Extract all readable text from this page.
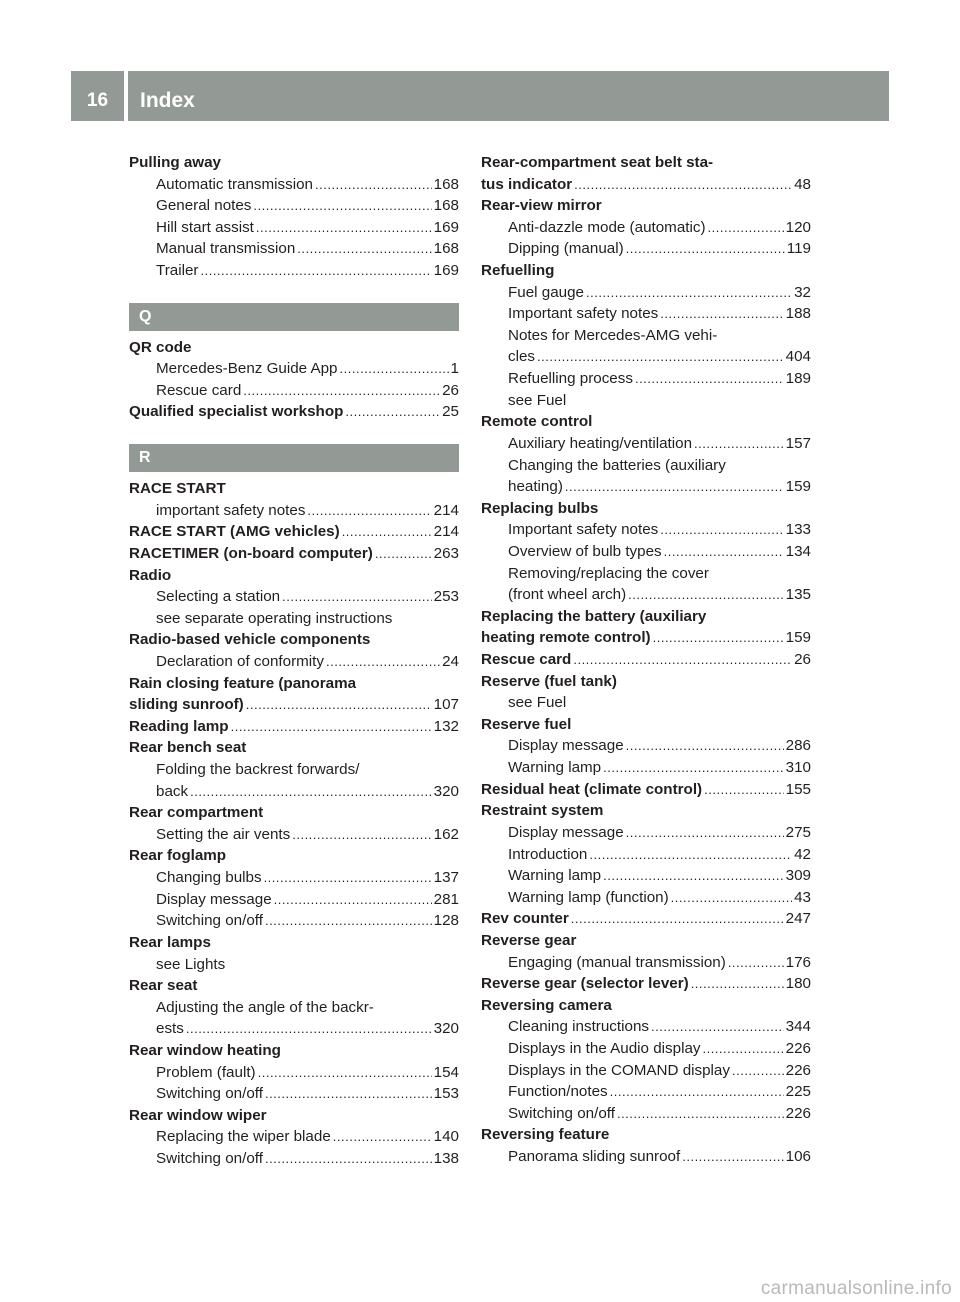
16	Index
Pulling away
Automatic transmission .....	168
General notes .....	168
Hill start assist .....	169
Manual transmission .....	168
Trailer .....	169
Q
QR code
Mercedes-Benz Guide App .....	1
Rescue card .....	26
Qualified specialist workshop .....	25
R
RACE START
important safety notes .....	214
RACE START (AMG vehicles) .....	214
RACETIMER (on-board computer) .....	263
Radio
Selecting a station .....	253
see separate operating instructions
Radio-based vehicle components
Declaration of conformity .....	24
Rain closing feature (panorama
sliding sunroof) .....	107
Reading lamp .....	132
Rear bench seat
Folding the backrest forwards/
back .....	320
Rear compartment
Setting the air vents .....	162
Rear foglamp
Changing bulbs .....	137
Display message .....	281
Switching on/off .....	128
Rear lamps
see Lights
Rear seat
Adjusting the angle of the backr-
ests .....	320
Rear window heating
Problem (fault) .....	154
Switching on/off .....	153
Rear window wiper
Replacing the wiper blade .....	140
Switching on/off .....	138
Rear-compartment seat belt sta-
tus indicator .....	48
Rear-view mirror
Anti-dazzle mode (automatic) .....	120
Dipping (manual) .....	119
Refuelling
Fuel gauge .....	32
Important safety notes .....	188
Notes for Mercedes-AMG vehi-
cles .....	404
Refuelling process .....	189
see Fuel
Remote control
Auxiliary heating/ventilation .....	157
Changing the batteries (auxiliary
heating) .....	159
Replacing bulbs
Important safety notes .....	133
Overview of bulb types .....	134
Removing/replacing the cover
(front wheel arch) .....	135
Replacing the battery (auxiliary
heating remote control) .....	159
Rescue card .....	26
Reserve (fuel tank)
see Fuel
Reserve fuel
Display message .....	286
Warning lamp .....	310
Residual heat (climate control) .....	155
Restraint system
Display message .....	275
Introduction .....	42
Warning lamp .....	309
Warning lamp (function) .....	43
Rev counter .....	247
Reverse gear
Engaging (manual transmission) .....	176
Reverse gear (selector lever) .....	180
Reversing camera
Cleaning instructions .....	344
Displays in the Audio display .....	226
Displays in the COMAND display .....	226
Function/notes .....	225
Switching on/off .....	226
Reversing feature
Panorama sliding sunroof .....	106
carmanualsonline.info
